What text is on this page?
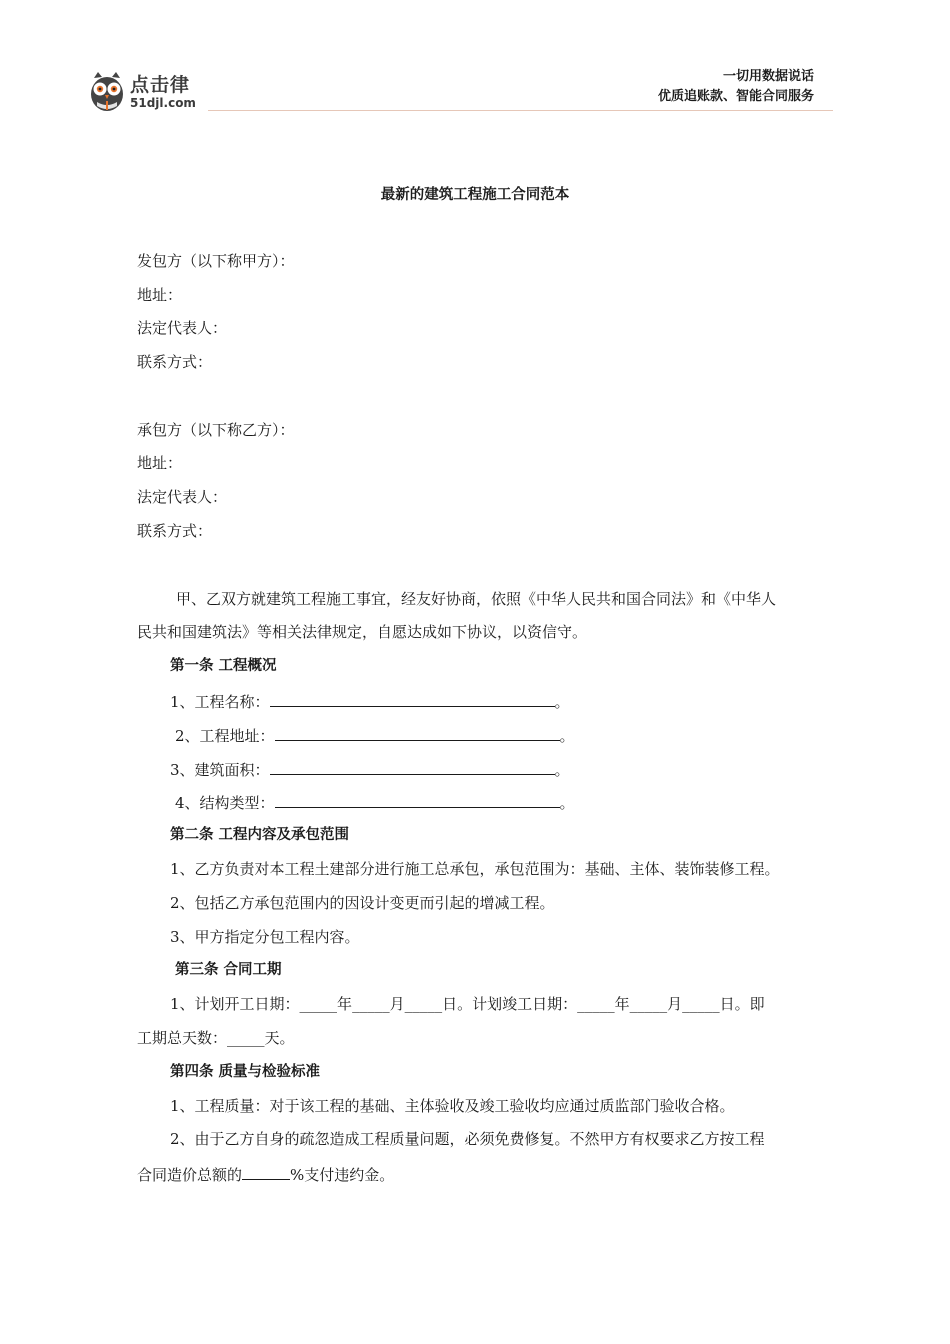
点击律
51djl.com
一切用数据说话
优质追账款、智能合同服务
最新的建筑工程施工合同范本
发包方（以下称甲方）：
地址：
法定代表人：
联系方式：
承包方（以下称乙方）：
地址：
法定代表人：
联系方式：
甲、乙双方就建筑工程施工事宜，经友好协商，依照《中华人民共和国合同法》和《中华人
民共和国建筑法》等相关法律规定，自愿达成如下协议，以资信守。
第一条 工程概况
1、工程名称：	。
2、工程地址：	。
3、建筑面积：	。
4、结构类型：	。
第二条 工程内容及承包范围
1、乙方负责对本工程土建部分进行施工总承包，承包范围为：基础、主体、装饰装修工程。
2、包括乙方承包范围内的因设计变更而引起的增减工程。
3、甲方指定分包工程内容。
第三条 合同工期
1、计划开工日期：_____年_____月_____日。计划竣工日期：_____年_____月_____日。即
工期总天数：_____天。
第四条 质量与检验标准
1、工程质量：对于该工程的基础、主体验收及竣工验收均应通过质监部门验收合格。
2、由于乙方自身的疏忽造成工程质量问题，必须免费修复。不然甲方有权要求乙方按工程
合同造价总额的	%支付违约金。
